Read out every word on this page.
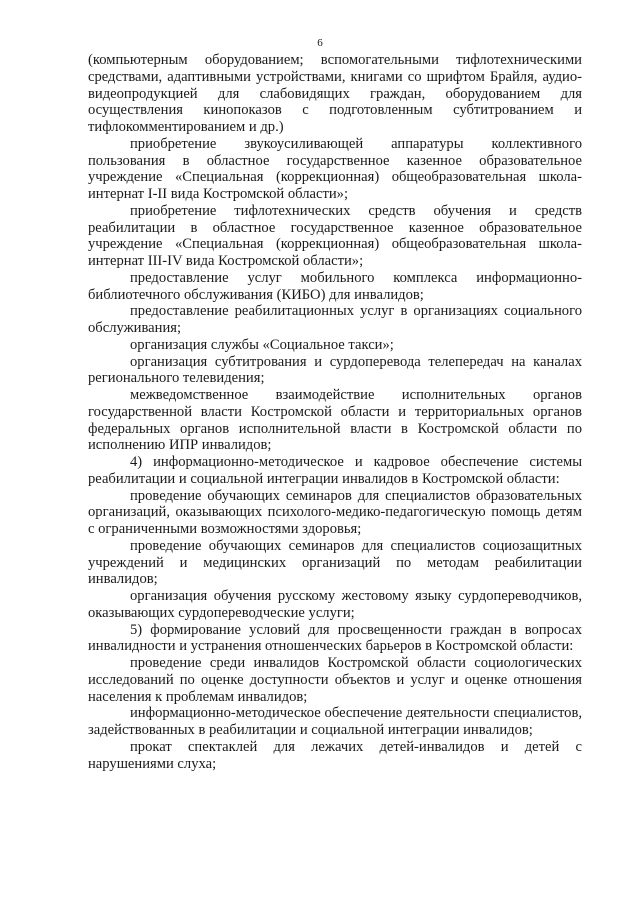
6

(компьютерным оборудованием; вспомогательными тифлотехническими средствами, адаптивными устройствами, книгами со шрифтом Брайля, аудио-видеопродукцией для слабовидящих граждан, оборудованием для осуществления кинопоказов с подготовленным субтитрованием и тифлокомментированием и др.)

приобретение звукоусиливающей аппаратуры коллективного пользования в областное государственное казенное образовательное учреждение «Специальная (коррекционная) общеобразовательная школа-интернат I-II вида Костромской области»;

приобретение тифлотехнических средств обучения и средств реабилитации в областное государственное казенное образовательное учреждение «Специальная (коррекционная) общеобразовательная школа-интернат III-IV вида Костромской области»;

предоставление услуг мобильного комплекса информационно-библиотечного обслуживания (КИБО) для инвалидов;

предоставление реабилитационных услуг в организациях социального обслуживания;

организация службы «Социальное такси»;

организация субтитрования и сурдоперевода телепередач на каналах регионального телевидения;

межведомственное взаимодействие исполнительных органов государственной власти Костромской области и территориальных органов федеральных органов исполнительной власти в Костромской области по исполнению ИПР инвалидов;

4) информационно-методическое и кадровое обеспечение системы реабилитации и социальной интеграции инвалидов в Костромской области:

проведение обучающих семинаров для специалистов образовательных организаций, оказывающих психолого-медико-педагогическую помощь детям с ограниченными возможностями здоровья;

проведение обучающих семинаров для специалистов социозащитных учреждений и медицинских организаций по методам реабилитации инвалидов;

организация обучения русскому жестовому языку сурдопереводчиков, оказывающих сурдопереводческие услуги;

5) формирование условий для просвещенности граждан в вопросах инвалидности и устранения отношенческих барьеров в Костромской области:

проведение среди инвалидов Костромской области социологических исследований по оценке доступности объектов и услуг и оценке отношения населения к проблемам инвалидов;

информационно-методическое обеспечение деятельности специалистов, задействованных в реабилитации и социальной интеграции инвалидов;

прокат спектаклей для лежачих детей-инвалидов и детей с нарушениями слуха;
